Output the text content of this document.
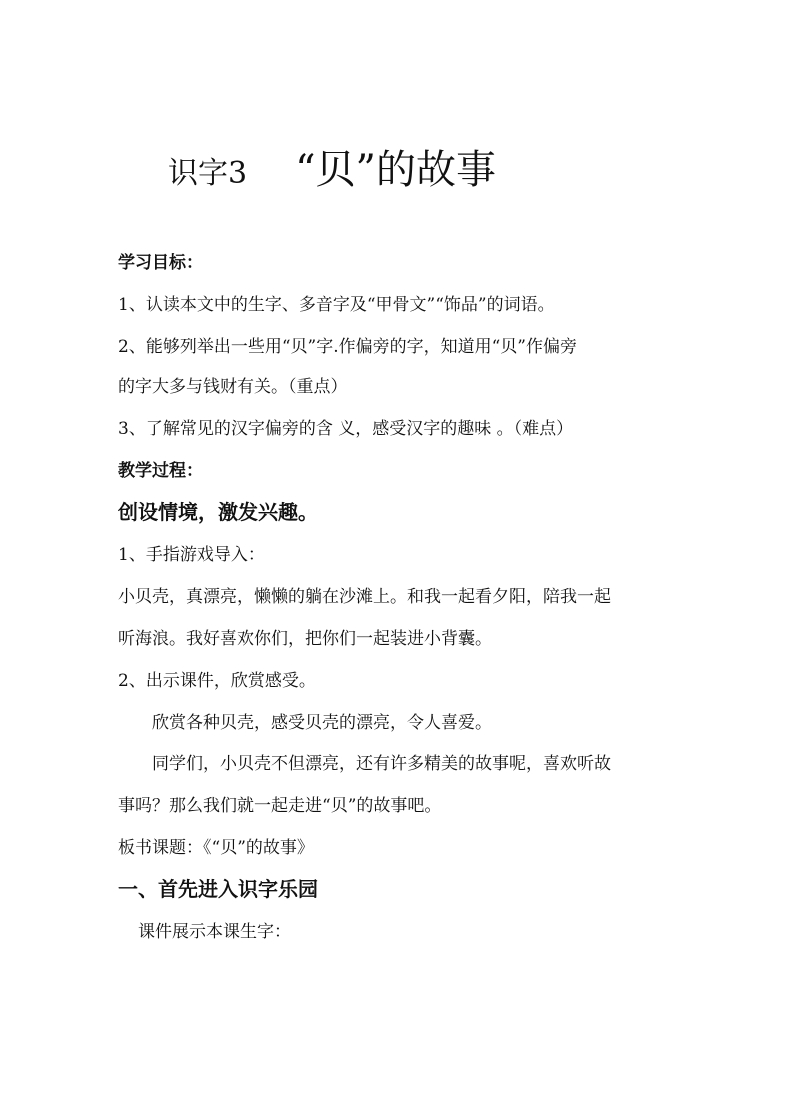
识字3 “贝”的故事
学习目标：
1、认读本文中的生字、多音字及“甲骨文”“饰品”的词语。
2、能够列举出一些用“贝”字.作偏旁的字，知道用“贝”作偏旁
的字大多与钱财有关。（重点）
3、了解常见的汉字偏旁的含 义，感受汉字的趣味 。（难点）
教学过程：
创设情境，激发兴趣。
1、手指游戏导入：
小贝壳，真漂亮，懒懒的躺在沙滩上。和我一起看夕阳，陪我一起
听海浪。我好喜欢你们，把你们一起装进小背囊。
2、出示课件，欣赏感受。
欣赏各种贝壳，感受贝壳的漂亮，令人喜爱。
同学们，小贝壳不但漂亮，还有许多精美的故事呢，喜欢听故
事吗？那么我们就一起走进“贝”的故事吧。
板书课题：《“贝”的故事》
一、首先进入识字乐园
课件展示本课生字：
